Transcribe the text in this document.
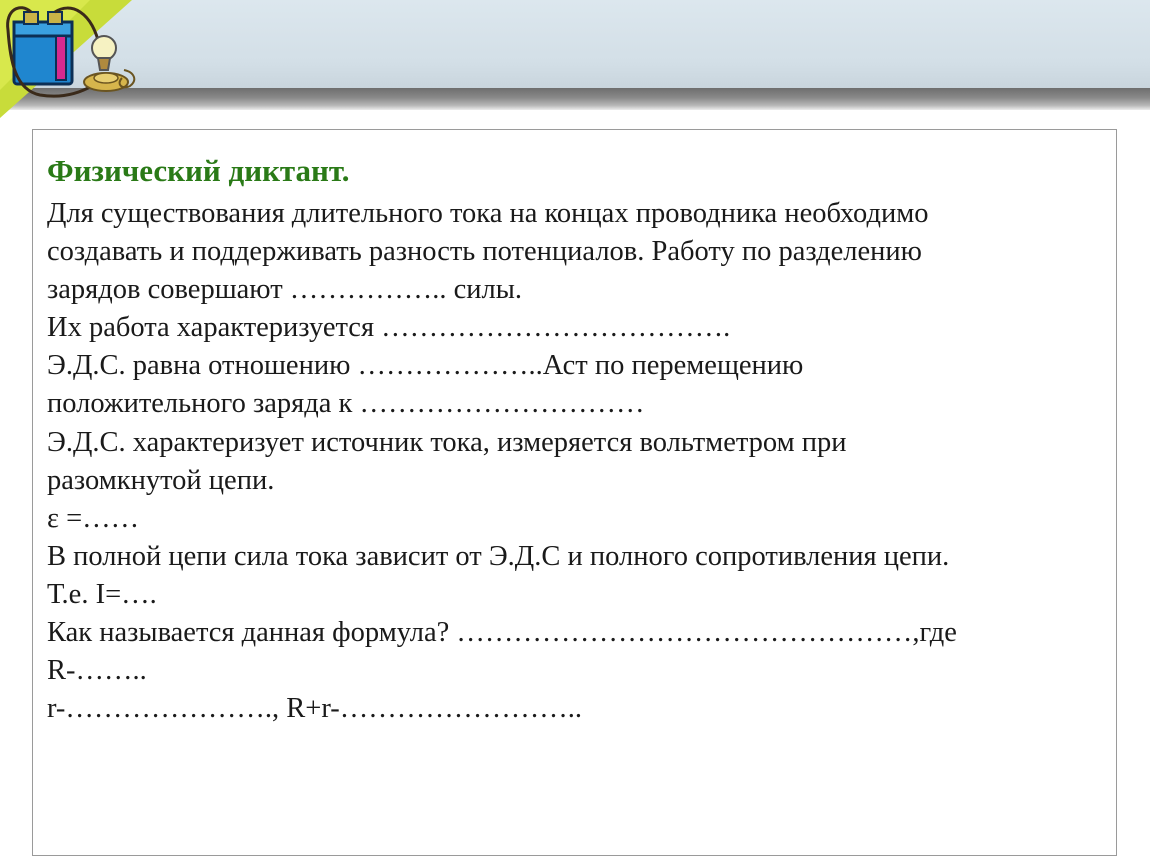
Физический диктант.
Для существования длительного тока на концах проводника необходимо
создавать и поддерживать разность потенциалов. Работу по разделению
зарядов совершают …………….. силы.
Их работа характеризуется ……………………………….
Э.Д.С. равна отношению ………………..Аст по перемещению
положительного заряда к …………………………
Э.Д.С. характеризует источник тока, измеряется вольтметром при
разомкнутой цепи.
ε =……
В полной цепи сила тока зависит от Э.Д.С и полного сопротивления цепи.
Т.е. I=….
Как называется данная формула? …………………………………………,где
R-……..
r-…………………., R+r-……………………..
